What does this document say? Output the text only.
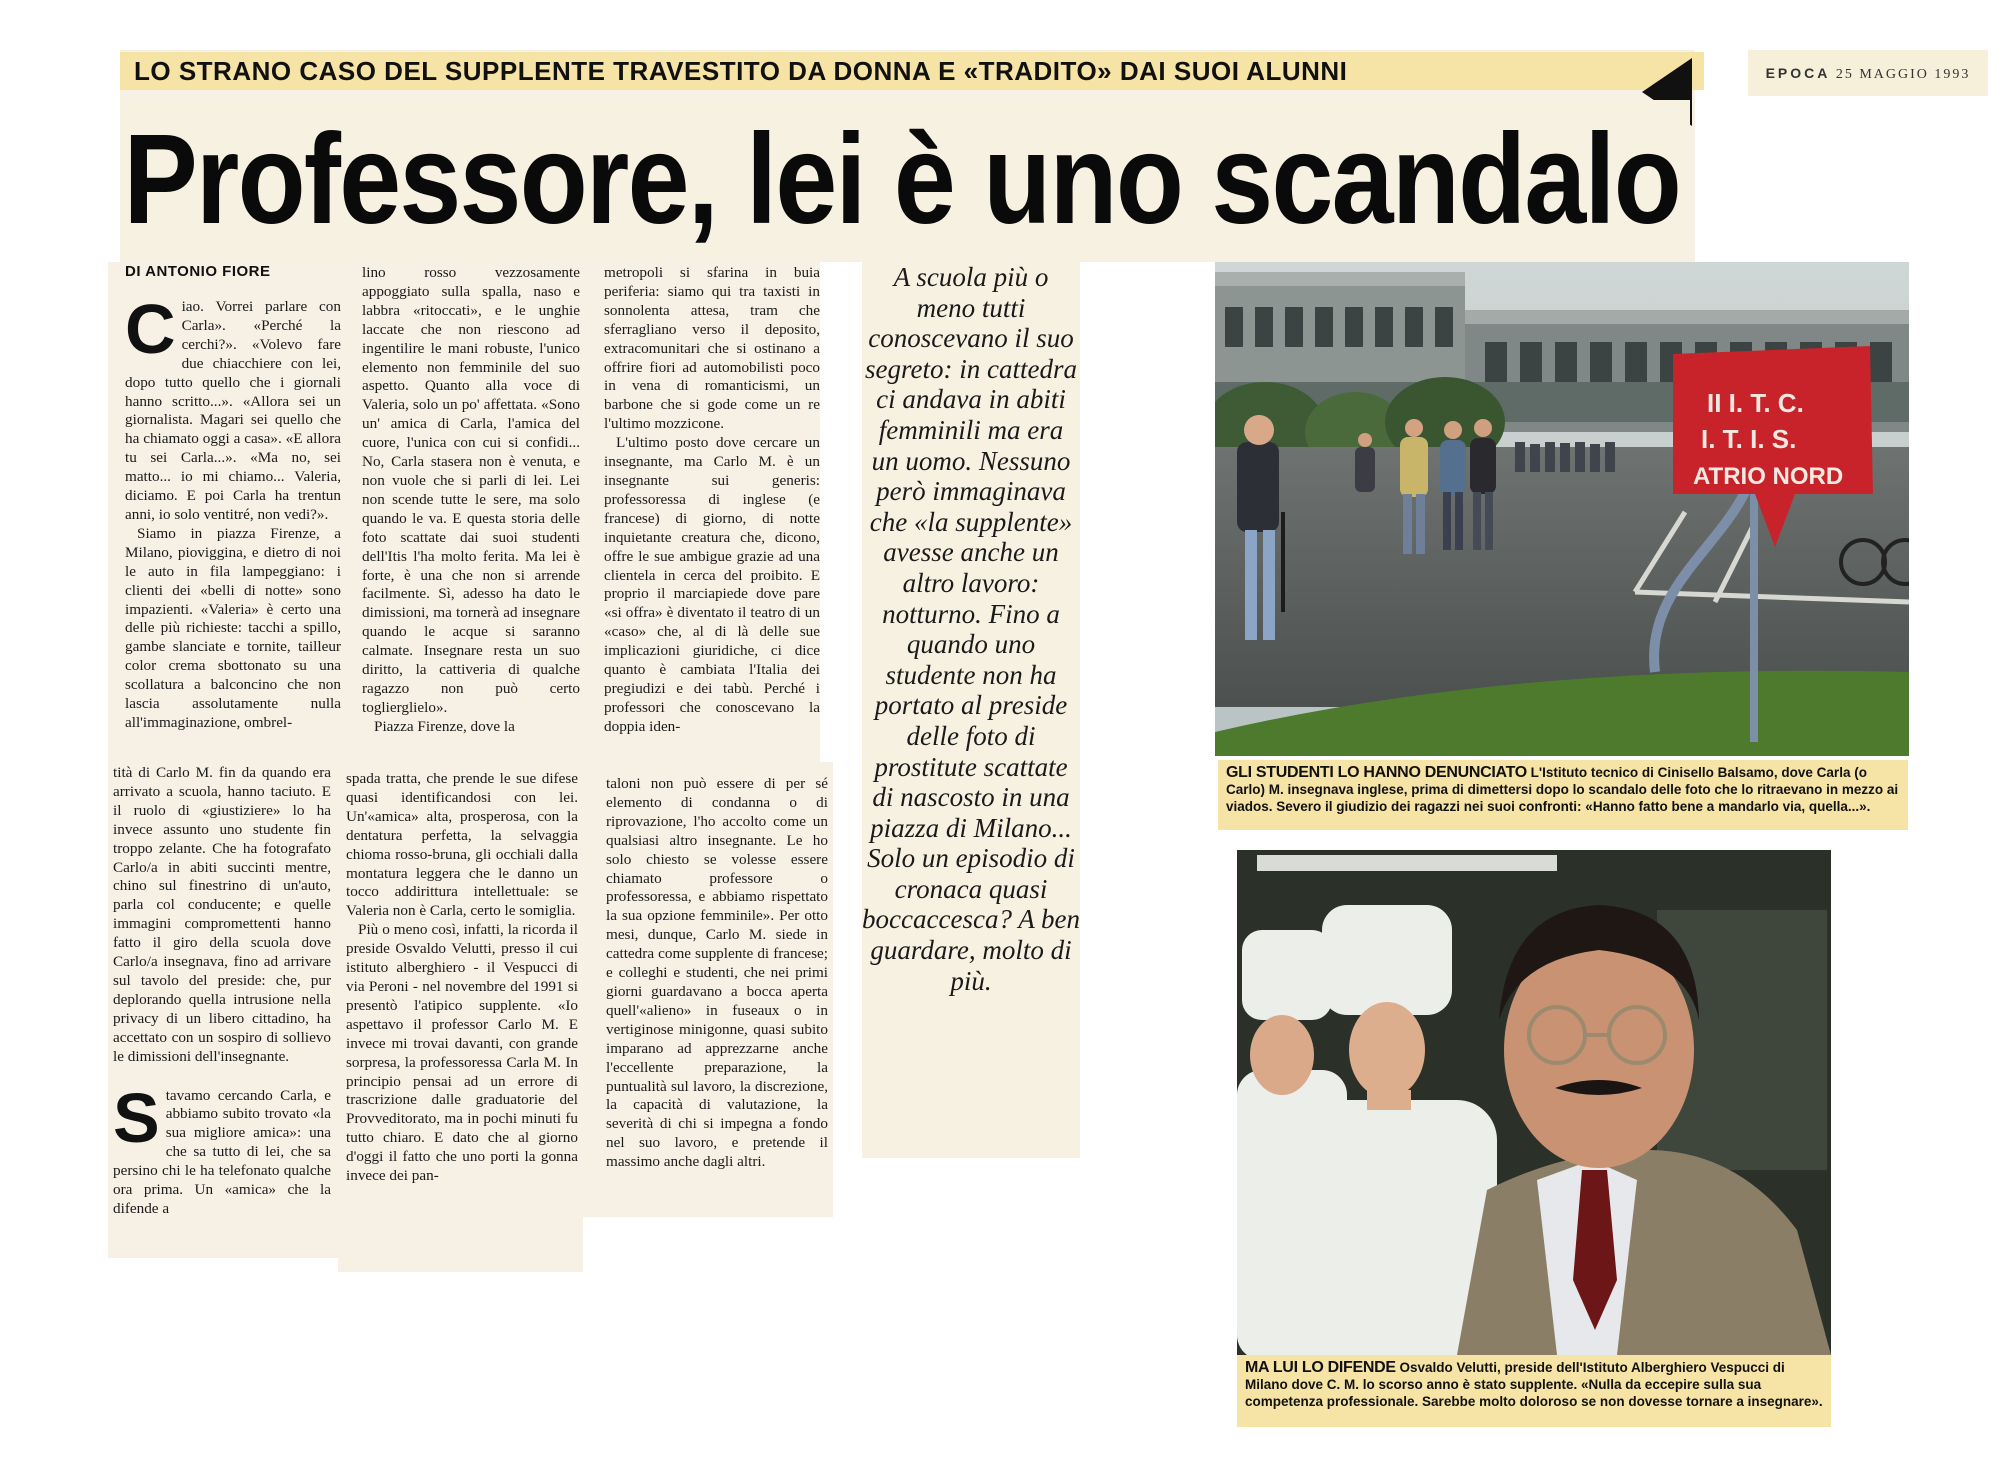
LO STRANO CASO DEL SUPPLENTE TRAVESTITO DA DONNA E «TRADITO» DAI SUOI ALUNNI	EPOCA 25 MAGGIO 1993
Professore, lei è uno scandalo
DI ANTONIO FIORE

Ciao. Vorrei parlare con Carla». «Perché la cerchi?». «Volevo fare due chiacchiere con lei, dopo tutto quello che i giornali hanno scritto...». «Allora sei un giornalista. Magari sei quello che ha chiamato oggi a casa». «E allora tu sei Carla...». «Ma no, sei matto... io mi chiamo... Valeria, diciamo. E poi Carla ha trentun anni, io solo ventitré, non vedi?».

Siamo in piazza Firenze, a Milano, pioviggina, e dietro di noi le auto in fila lampeggiano: i clienti dei «belli di notte» sono impazienti. «Valeria» è certo una delle più richieste: tacchi a spillo, gambe slanciate e tornite, tailleur color crema sbottonato su una scollatura a balconcino che non lascia assolutamente nulla all'immaginazione, ombrel-

lino rosso vezzosamente appoggiato sulla spalla, naso e labbra «ritoccati», e le unghie laccate che non riescono ad ingentilire le mani robuste, l'unico elemento non femminile del suo aspetto. Quanto alla voce di Valeria, solo un po' affettata. «Sono un' amica di Carla, l'amica del cuore, l'unica con cui si confidi... No, Carla stasera non è venuta, e non vuole che si parli di lei. Lei non scende tutte le sere, ma solo quando le va. E questa storia delle foto scattate dai suoi studenti dell'Itis l'ha molto ferita. Ma lei è forte, è una che non si arrende facilmente. Sì, adesso ha dato le dimissioni, ma tornerà ad insegnare quando le acque si saranno calmate. Insegnare resta un suo diritto, la cattiveria di qualche ragazzo non può certo toglierglielo».

Piazza Firenze, dove la

metropoli si sfarina in buia periferia: siamo qui tra taxisti in sonnolenta attesa, tram che sferragliano verso il deposito, extracomunitari che si ostinano a offrire fiori ad automobilisti poco in vena di romanticismi, un barbone che si gode come un re l'ultimo mozzicone.

L'ultimo posto dove cercare un insegnante, ma Carlo M. è un insegnante sui generis: professoressa di inglese (e francese) di giorno, di notte inquietante creatura che, dicono, offre le sue ambigue grazie ad una clientela in cerca del proibito. E proprio il marciapiede dove pare «si offra» è diventato il teatro di un «caso» che, al di là delle sue implicazioni giuridiche, ci dice quanto è cambiata l'Italia dei pregiudizi e dei tabù. Perché i professori che conoscevano la doppia iden-

tità di Carlo M. fin da quando era arrivato a scuola, hanno taciuto. E il ruolo di «giustiziere» lo ha invece assunto uno studente fin troppo zelante. Che ha fotografato Carlo/a in abiti succinti mentre, chino sul finestrino di un'auto, parla col conducente; e quelle immagini compromettenti hanno fatto il giro della scuola dove Carlo/a insegnava, fino ad arrivare sul tavolo del preside: che, pur deplorando quella intrusione nella privacy di un libero cittadino, ha accettato con un sospiro di sollievo le dimissioni dell'insegnante.

Stavamo cercando Carla, e abbiamo subito trovato «la sua migliore amica»: una che sa tutto di lei, che sa persino chi le ha telefonato qualche ora prima. Un «amica» che la difende a

spada tratta, che prende le sue difese quasi identificandosi con lei. Un'«amica» alta, prosperosa, con la dentatura perfetta, la selvaggia chioma rosso-bruna, gli occhiali dalla montatura leggera che le danno un tocco addirittura intellettuale: se Valeria non è Carla, certo le somiglia.

Più o meno così, infatti, la ricorda il preside Osvaldo Velutti, presso il cui istituto alberghiero - il Vespucci di via Peroni - nel novembre del 1991 si presentò l'atipico supplente. «Io aspettavo il professor Carlo M. E invece mi trovai davanti, con grande sorpresa, la professoressa Carla M. In principio pensai ad un errore di trascrizione dalle graduatorie del Provveditorato, ma in pochi minuti fu tutto chiaro. E dato che al giorno d'oggi il fatto che uno porti la gonna invece dei pan-

taloni non può essere di per sé elemento di condanna o di riprovazione, l'ho accolto come un qualsiasi altro insegnante. Le ho solo chiesto se volesse essere chiamato professore o professoressa, e abbiamo rispettato la sua opzione femminile». Per otto mesi, dunque, Carlo M. siede in cattedra come supplente di francese; e colleghi e studenti, che nei primi giorni guardavano a bocca aperta quell'«alieno» in fuseaux o in vertiginose minigonne, quasi subito imparano ad apprezzarne anche l'eccellente preparazione, la puntualità sul lavoro, la discrezione, la capacità di valutazione, la severità di chi si impegna a fondo nel suo lavoro, e pretende il massimo anche dagli altri.

A scuola più o meno tutti conoscevano il suo segreto: in cattedra ci andava in abiti femminili ma era un uomo. Nessuno però immaginava che «la supplente» avesse anche un altro lavoro: notturno. Fino a quando uno studente non ha portato al preside delle foto di prostitute scattate di nascosto in una piazza di Milano... Solo un episodio di cronaca quasi boccaccesca? A ben guardare, molto di più.
II I. T. C.
I. T. I. S.
ATRIO NORD
GLI STUDENTI LO HANNO DENUNCIATO L'Istituto tecnico di Cinisello Balsamo, dove Carla (o Carlo) M. insegnava inglese, prima di dimettersi dopo lo scandalo delle foto che lo ritraevano in mezzo ai viados. Severo il giudizio dei ragazzi nei suoi confronti: «Hanno fatto bene a mandarlo via, quella...».
MA LUI LO DIFENDE Osvaldo Velutti, preside dell'Istituto Alberghiero Vespucci di Milano dove C. M. lo scorso anno è stato supplente. «Nulla da eccepire sulla sua competenza professionale. Sarebbe molto doloroso se non dovesse tornare a insegnare».
